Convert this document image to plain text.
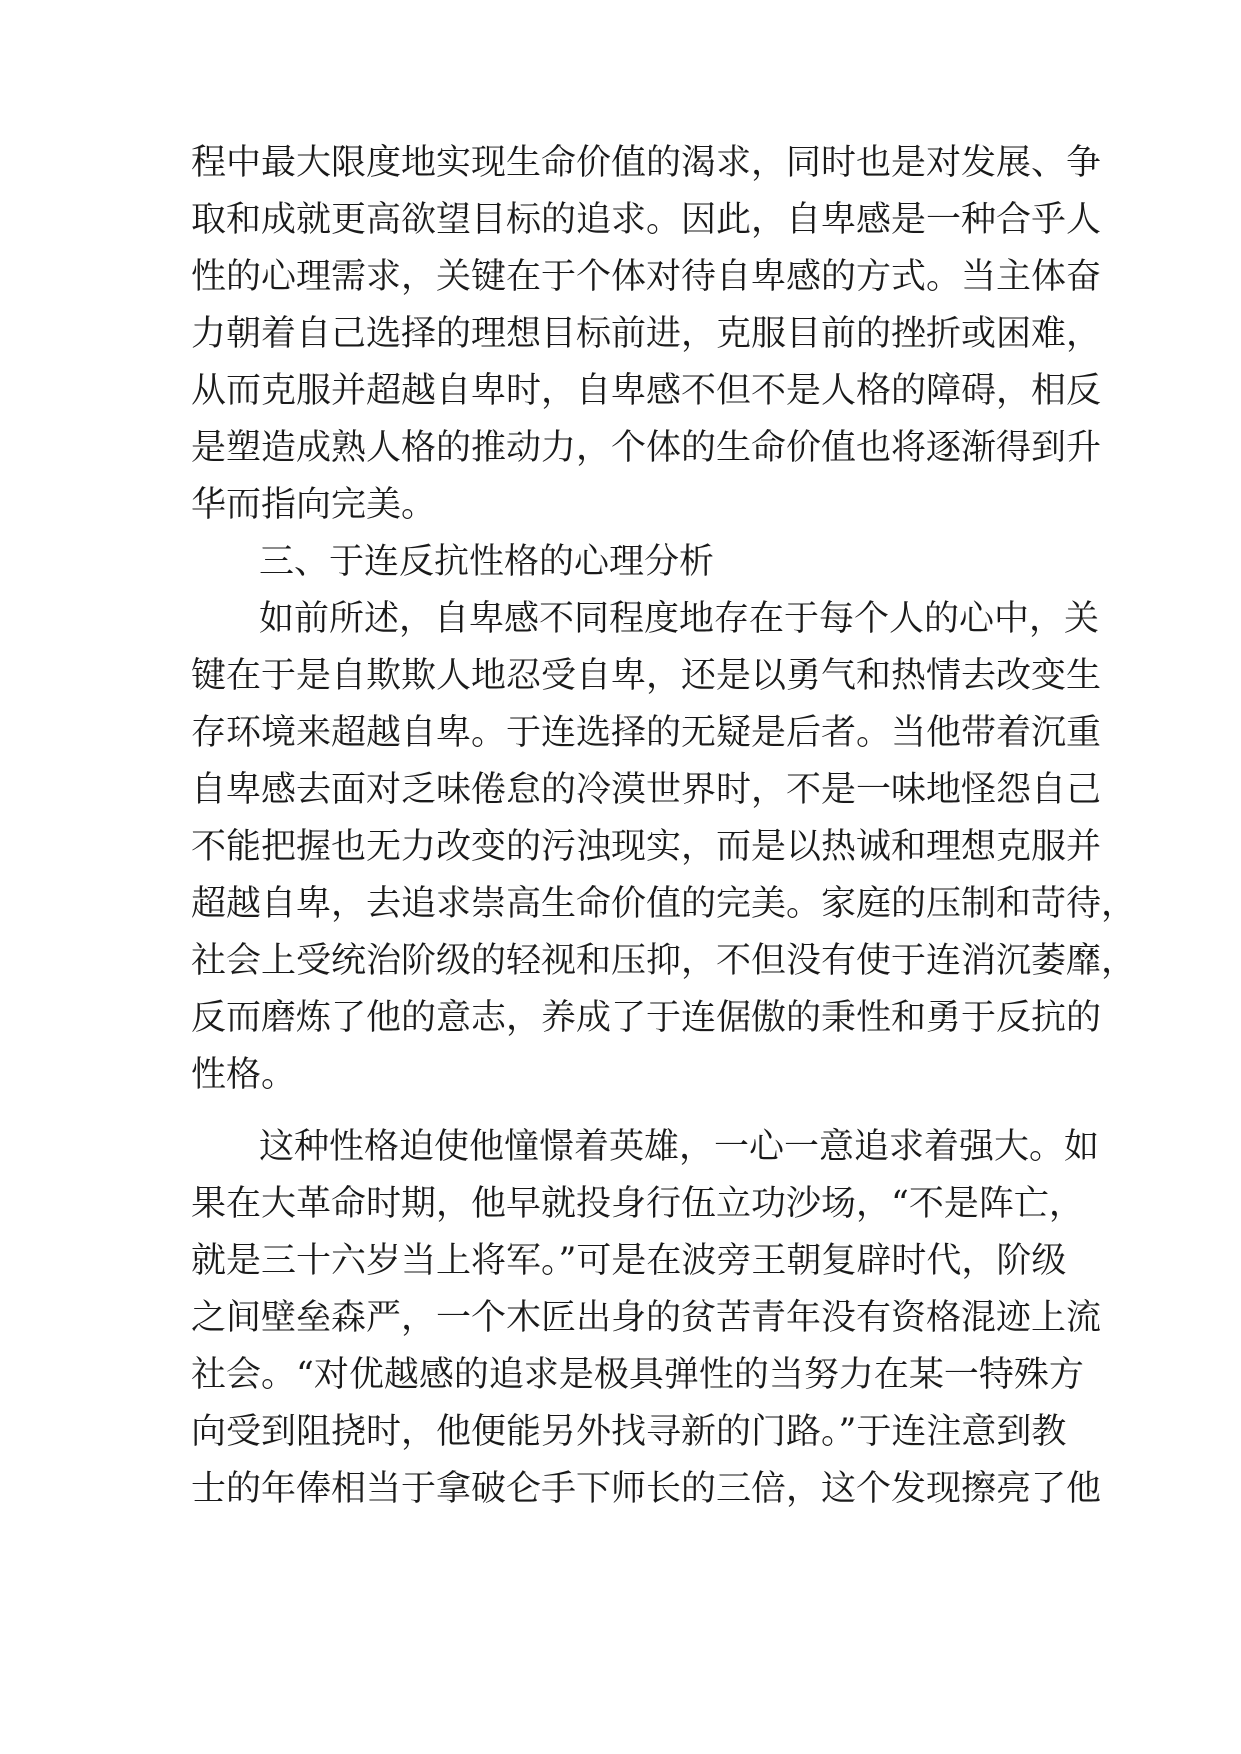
程中最大限度地实现生命价值的渴求，同时也是对发展、争
取和成就更高欲望目标的追求。因此，自卑感是一种合乎人
性的心理需求，关键在于个体对待自卑感的方式。当主体奋
力朝着自己选择的理想目标前进，克服目前的挫折或困难，
从而克服并超越自卑时，自卑感不但不是人格的障碍，相反
是塑造成熟人格的推动力，个体的生命价值也将逐渐得到升
华而指向完美。
三、于连反抗性格的心理分析
如前所述，自卑感不同程度地存在于每个人的心中，关
键在于是自欺欺人地忍受自卑，还是以勇气和热情去改变生
存环境来超越自卑。于连选择的无疑是后者。当他带着沉重
自卑感去面对乏味倦怠的冷漠世界时，不是一味地怪怨自己
不能把握也无力改变的污浊现实，而是以热诚和理想克服并
超越自卑，去追求崇高生命价值的完美。家庭的压制和苛待，
社会上受统治阶级的轻视和压抑，不但没有使于连消沉萎靡，
反而磨炼了他的意志，养成了于连倨傲的秉性和勇于反抗的
性格。
这种性格迫使他憧憬着英雄，一心一意追求着强大。如
果在大革命时期，他早就投身行伍立功沙场，“不是阵亡，
就是三十六岁当上将军。”可是在波旁王朝复辟时代，阶级
之间壁垒森严，一个木匠出身的贫苦青年没有资格混迹上流
社会。“对优越感的追求是极具弹性的当努力在某一特殊方
向受到阻挠时，他便能另外找寻新的门路。”于连注意到教
士的年俸相当于拿破仑手下师长的三倍，这个发现擦亮了他
